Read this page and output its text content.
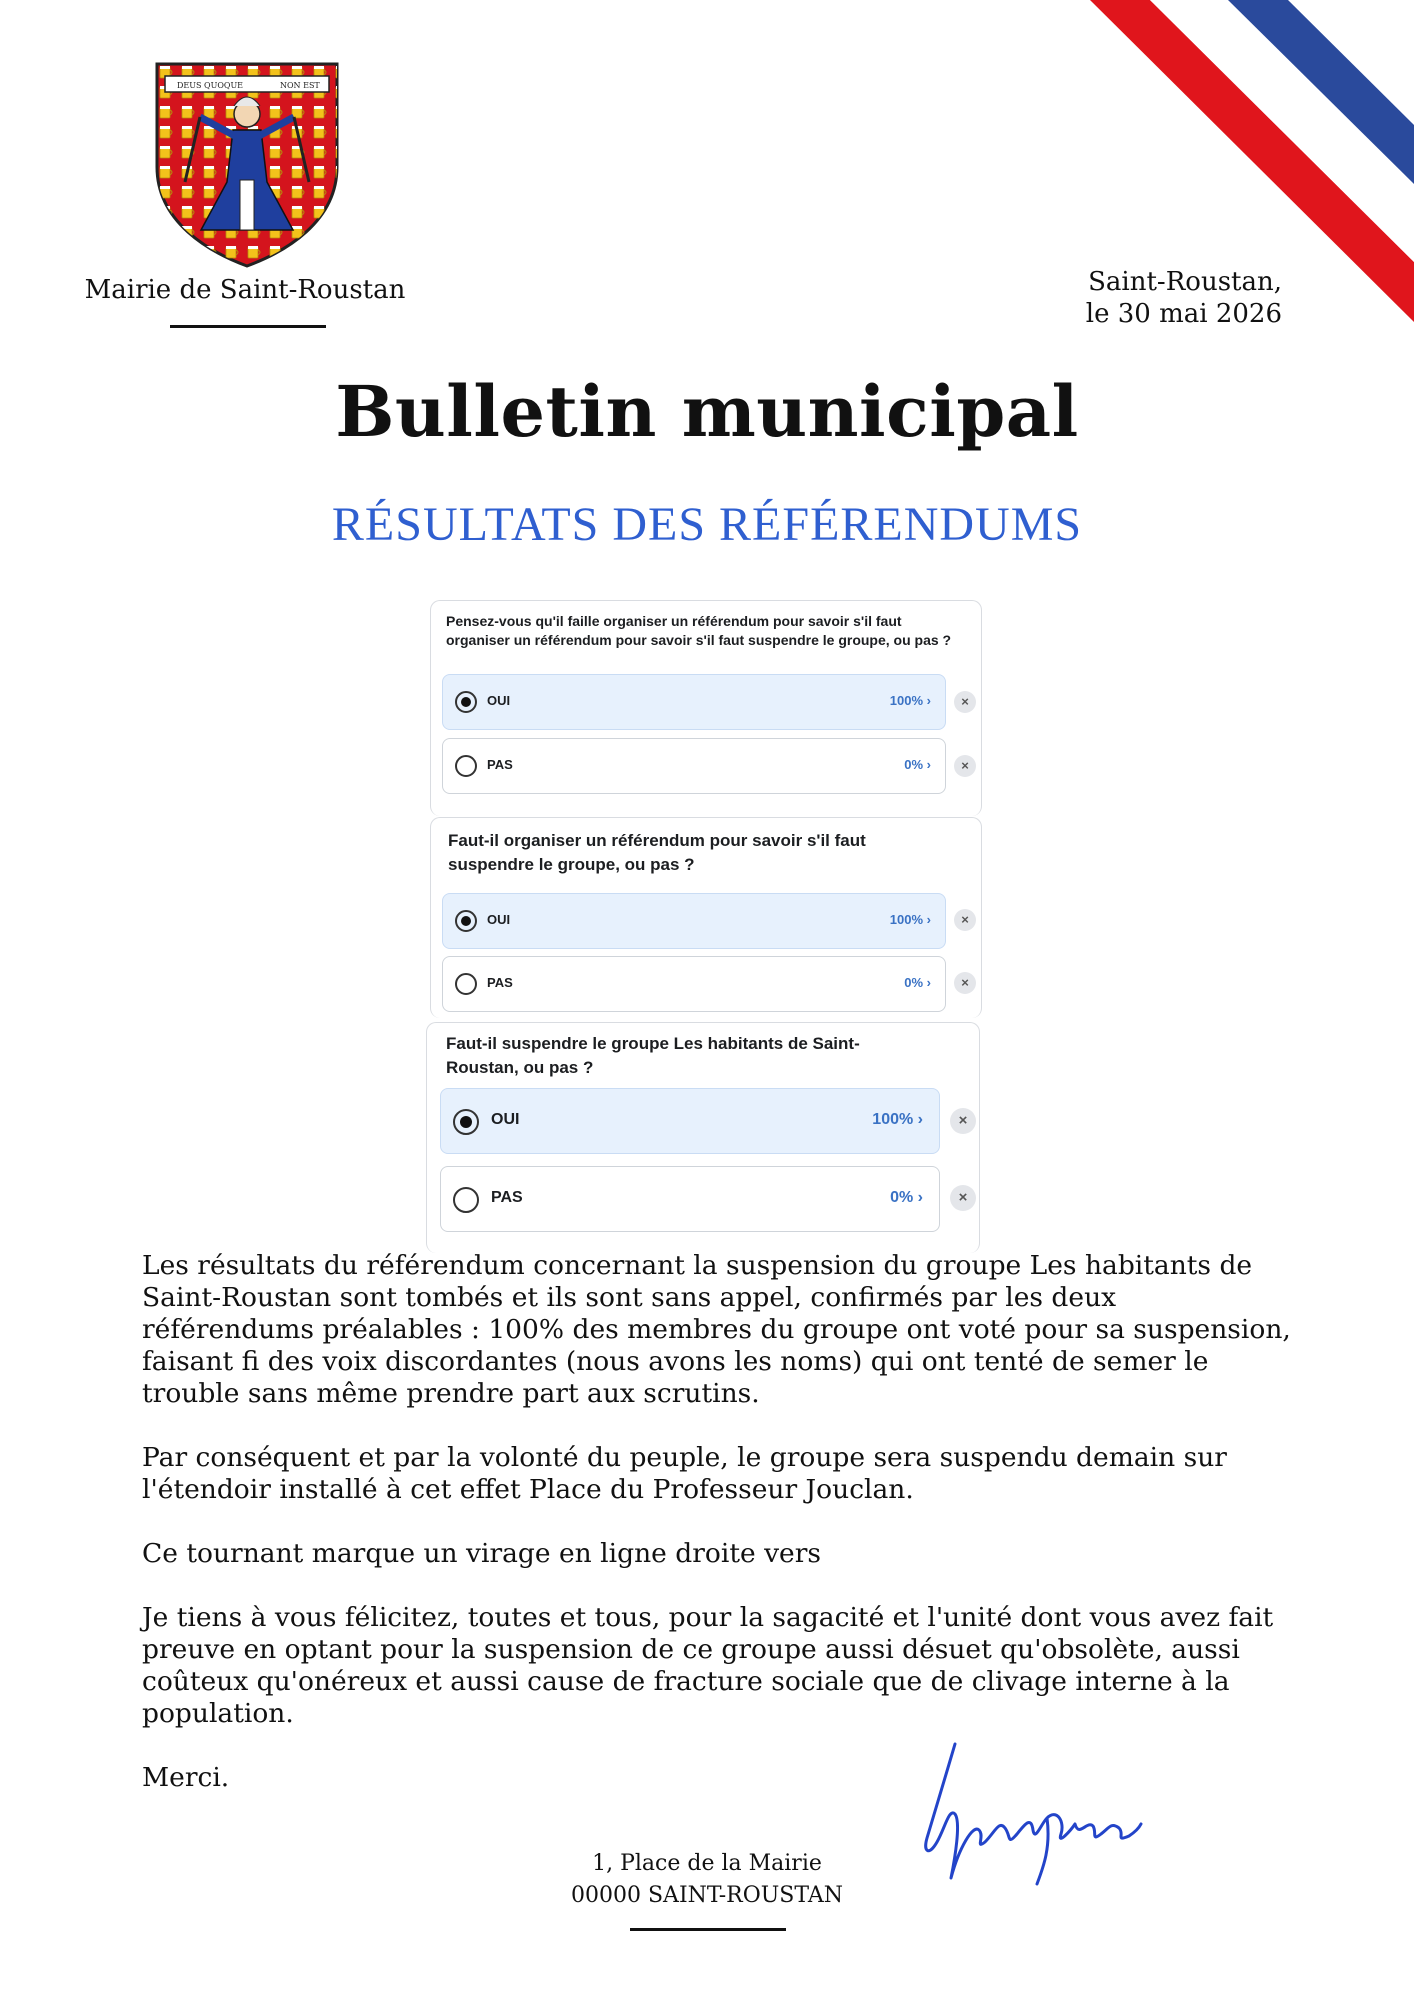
DEUS QUOQUE	NON EST
Mairie de Saint-Roustan	Saint-Roustan,
le 30 mai 2026
Bulletin municipal
RÉSULTATS DES RÉFÉRENDUMS
Pensez-vous qu'il faille organiser un référendum pour savoir s'il faut organiser un référendum pour savoir s'il faut suspendre le groupe, ou pas ?
OUI	100% ›	×
PAS	0% ›	×
Faut-il organiser un référendum pour savoir s'il faut suspendre le groupe, ou pas ?
OUI	100% ›	×
PAS	0% ›	×
Faut-il suspendre le groupe Les habitants de Saint-Roustan, ou pas ?
OUI	100% ›	×
PAS	0% ›	×

Les résultats du référendum concernant la suspension du groupe Les habitants de Saint-Roustan sont tombés et ils sont sans appel, confirmés par les deux référendums préalables : 100% des membres du groupe ont voté pour sa suspension, faisant fi des voix discordantes (nous avons les noms) qui ont tenté de semer le trouble sans même prendre part aux scrutins.

Par conséquent et par la volonté du peuple, le groupe sera suspendu demain sur l'étendoir installé à cet effet Place du Professeur Jouclan.

Ce tournant marque un virage en ligne droite vers

Je tiens à vous félicitez, toutes et tous, pour la sagacité et l'unité dont vous avez fait preuve en optant pour la suspension de ce groupe aussi désuet qu'obsolète, aussi coûteux qu'onéreux et aussi cause de fracture sociale que de clivage interne à la population.

Merci.

1, Place de la Mairie
00000 SAINT-ROUSTAN
